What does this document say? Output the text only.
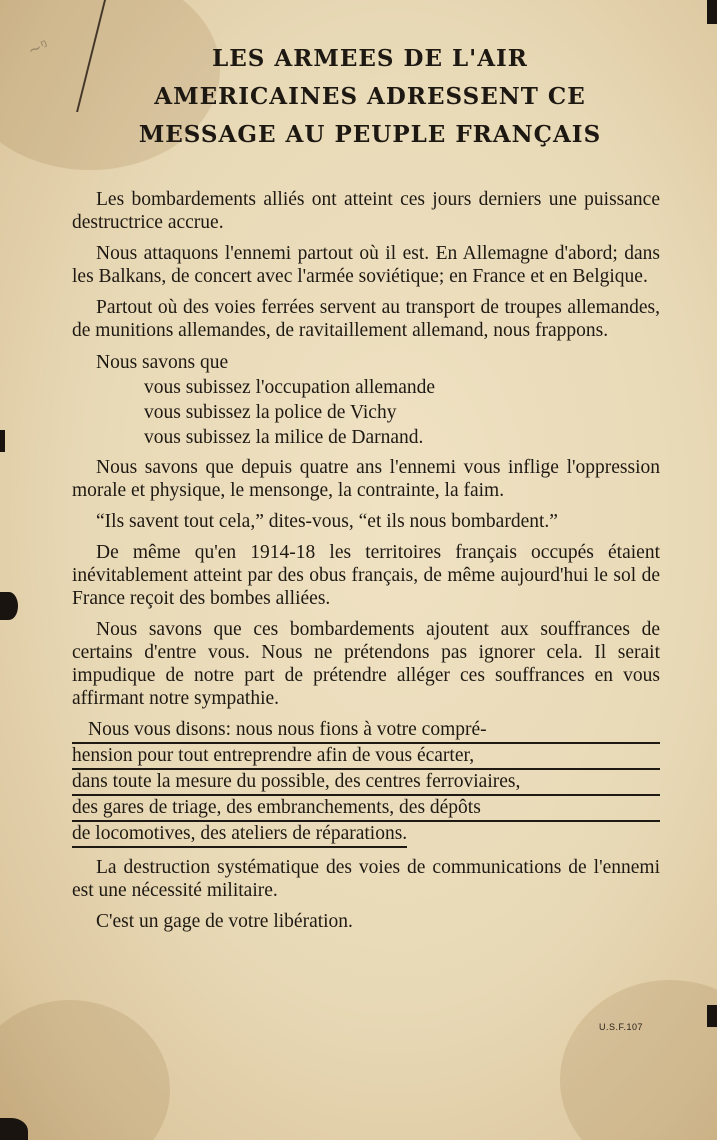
~ᵑ	LES ARMEES DE L'AIR
AMERICAINES ADRESSENT CE
MESSAGE AU PEUPLE FRANÇAIS

Les bombardements alliés ont atteint ces jours derniers une puissance destructrice accrue.

Nous attaquons l'ennemi partout où il est. En Allemagne d'abord; dans les Balkans, de concert avec l'armée soviétique; en France et en Belgique.

Partout où des voies ferrées servent au transport de troupes allemandes, de munitions allemandes, de ravitaillement allemand, nous frappons.

Nous savons que
vous subissez l'occupation allemande
vous subissez la police de Vichy
vous subissez la milice de Darnand.

Nous savons que depuis quatre ans l'ennemi vous inflige l'oppression morale et physique, le mensonge, la contrainte, la faim.

“Ils savent tout cela,” dites-vous, “et ils nous bombardent.”

De même qu'en 1914-18 les territoires français occupés étaient inévitablement atteint par des obus français, de même aujourd'hui le sol de France reçoit des bombes alliées.

Nous savons que ces bombardements ajoutent aux souffrances de certains d'entre vous. Nous ne prétendons pas ignorer cela. Il serait impudique de notre part de prétendre alléger ces souffrances en vous affirmant notre sympathie.

Nous vous disons: nous nous fions à votre compré-
hension pour tout entreprendre afin de vous écarter,
dans toute la mesure du possible, des centres ferroviaires,
des gares de triage, des embranchements, des dépôts
de locomotives, des ateliers de réparations.

La destruction systématique des voies de communications de l'ennemi est une nécessité militaire.

C'est un gage de votre libération.

U.S.F.107
